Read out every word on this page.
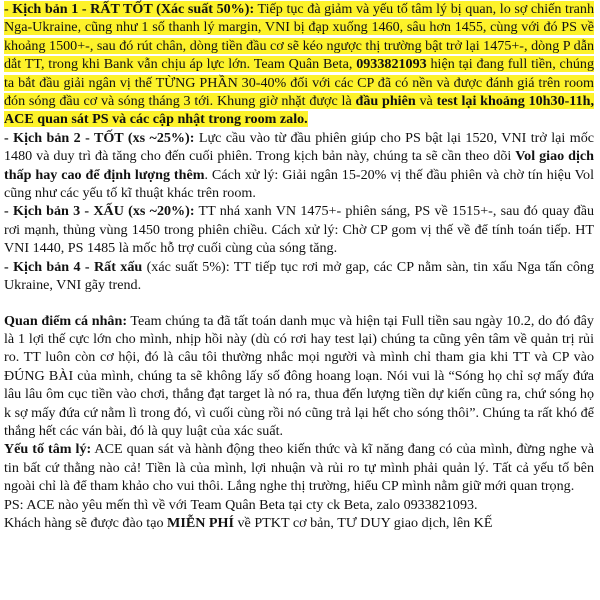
- Kịch bản 1 - RẤT TỐT (Xác suất 50%): Tiếp tục đà giảm và yếu tố tâm lý bị quan, lo sợ chiến tranh Nga-Ukraine, cũng như 1 số thanh lý margin, VNI bị đạp xuống 1460, sâu hơn 1455, cùng với đó PS về khoảng 1500+-, sau đó rút chân, dòng tiền đầu cơ sẽ kéo ngược thị trường bật trở lại 1475+-, dòng P dẫn dắt TT, trong khi Bank vẫn chịu áp lực lớn. Team Quân Beta, 0933821093 hiện tại đang full tiền, chúng ta bắt đầu giải ngân vị thế TỪNG PHẦN 30-40% đối với các CP đã có nền và được đánh giá trên room đón sóng đầu cơ và sóng tháng 3 tới. Khung giờ nhặt được là đầu phiên và test lại khoảng 10h30-11h, ACE quan sát PS và các cập nhật trong room zalo.

- Kịch bản 2 - TỐT (xs ~25%): Lực cầu vào từ đầu phiên giúp cho PS bật lại 1520, VNI trở lại mốc 1480 và duy trì đà tăng cho đến cuối phiên. Trong kịch bản này, chúng ta sẽ cần theo dõi Vol giao dịch thấp hay cao để định lượng thêm. Cách xử lý: Giải ngân 15-20% vị thế đầu phiên và chờ tín hiệu Vol cũng như các yếu tố kĩ thuật khác trên room.

- Kịch bản 3 - XẤU (xs ~20%): TT nhá xanh VN 1475+- phiên sáng, PS về 1515+-, sau đó quay đầu rơi mạnh, thủng vùng 1450 trong phiên chiều. Cách xử lý: Chờ CP gom vị thế về để tính toán tiếp. HT VNI 1440, PS 1485 là mốc hỗ trợ cuối cùng của sóng tăng.

- Kịch bản 4 - Rất xấu (xác suất 5%): TT tiếp tục rơi mở gap, các CP nằm sàn, tin xấu Nga tấn công Ukraine, VNI gãy trend.

Quan điểm cá nhân: Team chúng ta đã tất toán danh mục và hiện tại Full tiền sau ngày 10.2, do đó đây là 1 lợi thế cực lớn cho mình, nhịp hồi này (dù có rơi hay test lại) chúng ta cũng yên tâm về quản trị rủi ro. TT luôn còn cơ hội, đó là câu tôi thường nhắc mọi người và mình chỉ tham gia khi TT và CP vào ĐÚNG BÀI của mình, chúng ta sẽ không lấy số đông hoang loạn. Nói vui là “Sóng họ chỉ sợ mấy đứa lâu lâu ôm cục tiền vào chơi, thắng đạt target là nó ra, thua đến lượng tiền dự kiến cũng ra, chứ sóng họ k sợ mấy đứa cứ nằm lì trong đó, vì cuối cùng rồi nó cũng trả lại hết cho sóng thôi”. Chúng ta rất khó để thắng hết các ván bài, đó là quy luật của xác suất.

Yếu tố tâm lý: ACE quan sát và hành động theo kiến thức và kĩ năng đang có của mình, đừng nghe và tin bất cứ thằng nào cả! Tiền là của mình, lợi nhuận và rủi ro tự mình phải quản lý. Tất cả yếu tố bên ngoài chỉ là để tham khảo cho vui thôi. Lắng nghe thị trường, hiểu CP mình nằm giữ mới quan trọng.

PS: ACE nào yêu mến thì về với Team Quân Beta tại cty ck Beta, zalo 0933821093.

Khách hàng sẽ được đào tạo MIỄN PHÍ về PTKT cơ bản, TƯ DUY giao dịch, lên KẾ
